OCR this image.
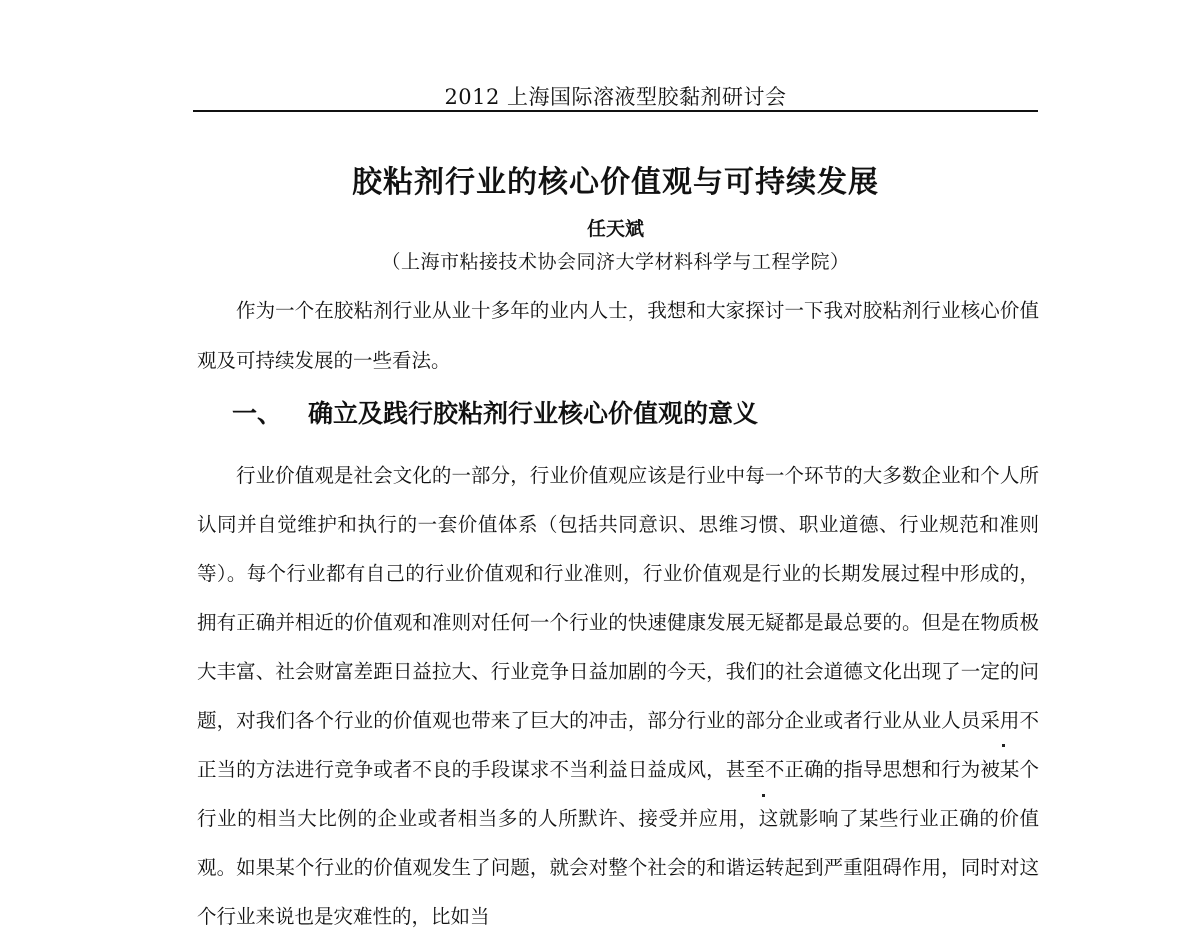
2012 上海国际溶液型胶黏剂研讨会
胶粘剂行业的核心价值观与可持续发展
任天斌
（上海市粘接技术协会同济大学材料科学与工程学院）

作为一个在胶粘剂行业从业十多年的业内人士，我想和大家探讨一下我对胶粘剂行业核心价值观及可持续发展的一些看法。

一、 确立及践行胶粘剂行业核心价值观的意义

行业价值观是社会文化的一部分，行业价值观应该是行业中每一个环节的大多数企业和个人所认同并自觉维护和执行的一套价值体系（包括共同意识、思维习惯、职业道德、行业规范和准则等）。每个行业都有自己的行业价值观和行业准则，行业价值观是行业的长期发展过程中形成的，拥有正确并相近的价值观和准则对任何一个行业的快速健康发展无疑都是最总要的。但是在物质极大丰富、社会财富差距日益拉大、行业竞争日益加剧的今天，我们的社会道德文化出现了一定的问题，对我们各个行业的价值观也带来了巨大的冲击，部分行业的部分企业或者行业从业人员采用不正当的方法进行竞争或者不良的手段谋求不当利益日益成风，甚至不正确的指导思想和行为被某个行业的相当大比例的企业或者相当多的人所默许、接受并应用，这就影响了某些行业正确的价值观。如果某个行业的价值观发生了问题，就会对整个社会的和谐运转起到严重阻碍作用，同时对这个行业来说也是灾难性的，比如当
